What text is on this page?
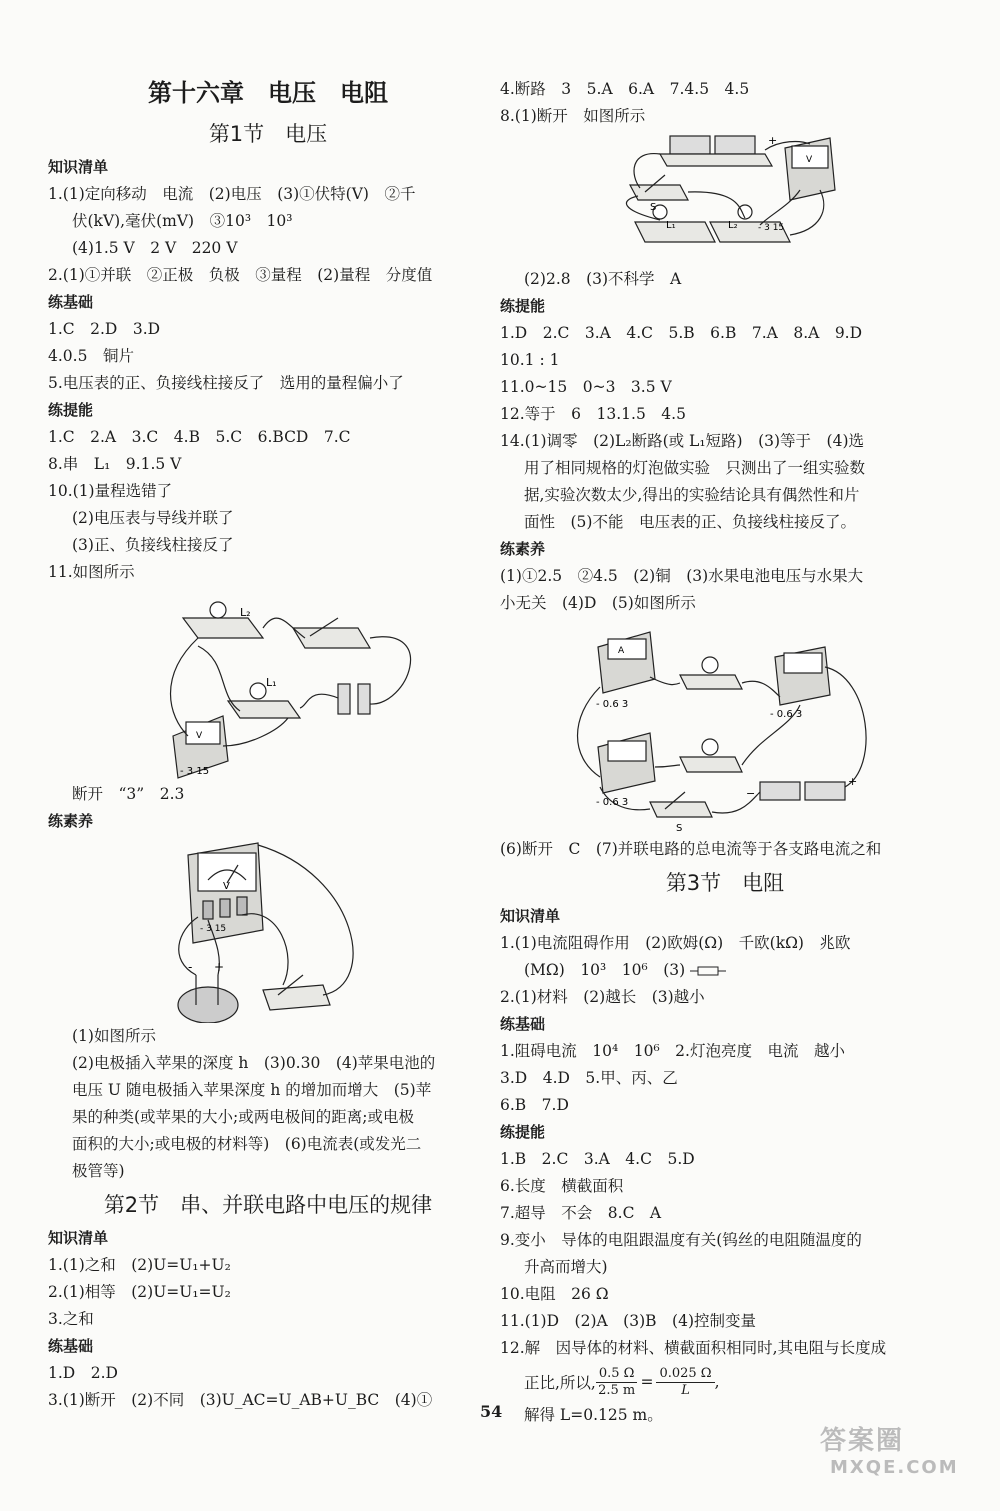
第十六章　电压　电阻
第1节　电压
知识清单
1.(1)定向移动　电流　(2)电压　(3)①伏特(V)　②千
伏(kV),毫伏(mV)　③10³　10³
(4)1.5 V　2 V　220 V
2.(1)①并联　②正极　负极　③量程　(2)量程　分度值
练基础
1.C　2.D　3.D
4.0.5　铜片
5.电压表的正、负接线柱接反了　选用的量程偏小了
练提能
1.C　2.A　3.C　4.B　5.C　6.BCD　7.C
8.串　L₁　9.1.5 V
10.(1)量程选错了
(2)电压表与导线并联了
(3)正、负接线柱接反了
11.如图所示
L₂
L₁
V
- 3 15
断开　“3”　2.3
练素养
V
- 3 15
- +
(1)如图所示
(2)电极插入苹果的深度 h　(3)0.30　(4)苹果电池的
电压 U 随电极插入苹果深度 h 的增加而增大　(5)苹
果的种类(或苹果的大小;或两电极间的距离;或电极
面积的大小;或电极的材料等)　(6)电流表(或发光二
极管等)
第2节　串、并联电路中电压的规律
知识清单
1.(1)之和　(2)U=U₁+U₂
2.(1)相等　(2)U=U₁=U₂
3.之和
练基础
1.D　2.D
3.(1)断开　(2)不同　(3)U_AC=U_AB+U_BC　(4)①
4.断路　3　5.A　6.A　7.4.5　4.5
8.(1)断开　如图所示
+
V
S
L₁	L₂ - 3 15
(2)2.8　(3)不科学　A
练提能
1.D　2.C　3.A　4.C　5.B　6.B　7.A　8.A　9.D
10.1 : 1
11.0~15　0~3　3.5 V
12.等于　6　13.1.5　4.5
14.(1)调零　(2)L₂断路(或 L₁短路)　(3)等于　(4)选
用了相同规格的灯泡做实验　只测出了一组实验数
据,实验次数太少,得出的实验结论具有偶然性和片
面性　(5)不能　电压表的正、负接线柱接反了。
练素养
(1)①2.5　②4.5　(2)铜　(3)水果电池电压与水果大
小无关　(4)D　(5)如图所示
A
- 0.6 3
- 0.6 3
- 0.6 3
S
−
+
(6)断开　C　(7)并联电路的总电流等于各支路电流之和
第3节　电阻
知识清单
1.(1)电流阻碍作用　(2)欧姆(Ω)　千欧(kΩ)　兆欧
(MΩ)　10³　10⁶　(3)
2.(1)材料　(2)越长　(3)越小
练基础
1.阻碍电流　10⁴　10⁶　2.灯泡亮度　电流　越小
3.D　4.D　5.甲、丙、乙
6.B　7.D
练提能
1.B　2.C　3.A　4.C　5.D
6.长度　横截面积
7.超导　不会　8.C　A
9.变小　导体的电阻跟温度有关(钨丝的电阻随温度的
升高而增大)
10.电阻　26 Ω
11.(1)D　(2)A　(3)B　(4)控制变量
12.解　因导体的材料、横截面积相同时,其电阻与长度成
正比,所以, $\frac{0.5 \Omega}{2.5 m} = \frac{0.025 \Omega}{L}$ ,
解得 L=0.125 m。
54
答案圈
MXQE.COM
